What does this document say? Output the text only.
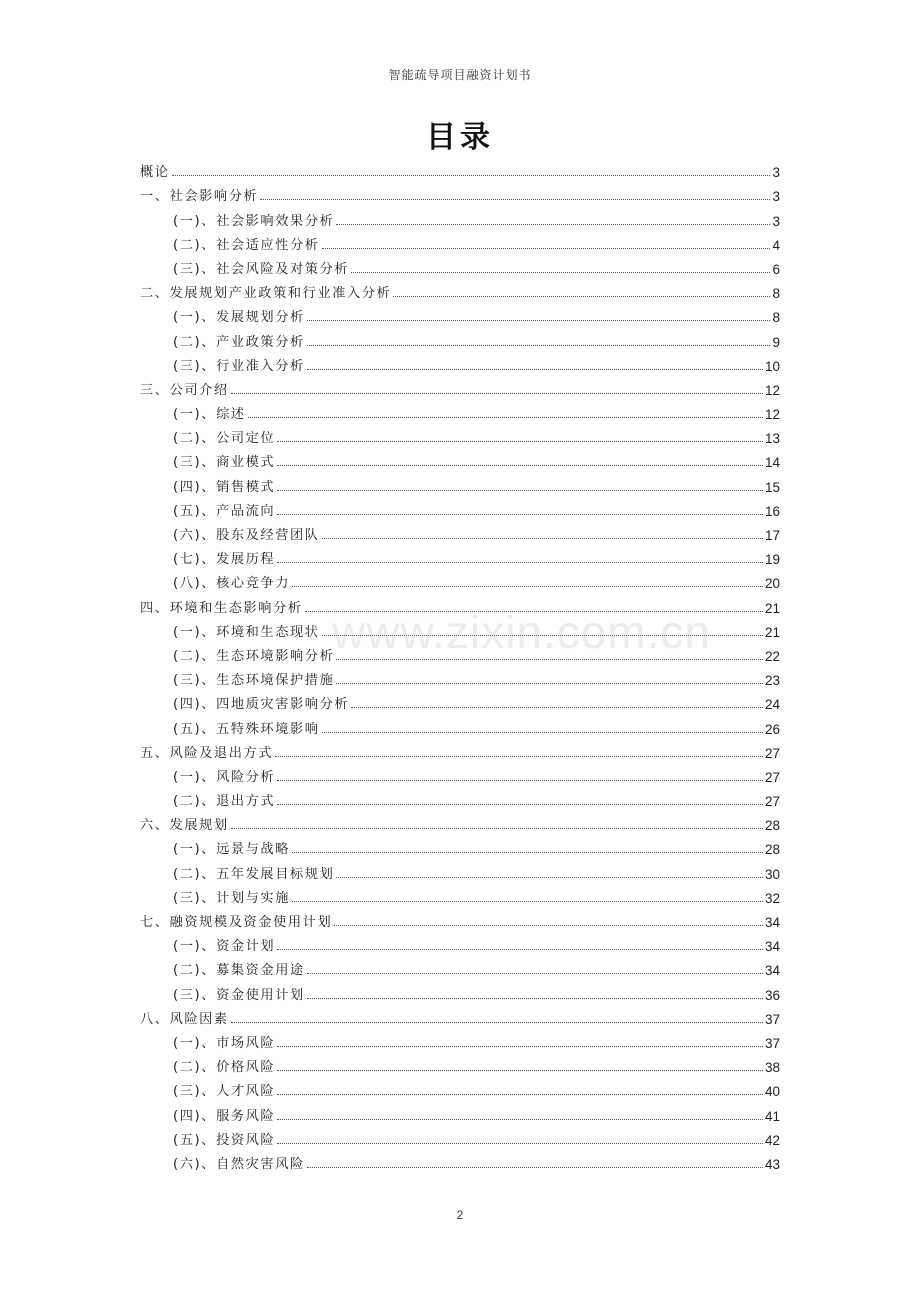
智能疏导项目融资计划书
目录
概论	3
一、社会影响分析	3
(一)、社会影响效果分析	3
(二)、社会适应性分析	4
(三)、社会风险及对策分析	6
二、发展规划产业政策和行业准入分析	8
(一)、发展规划分析	8
(二)、产业政策分析	9
(三)、行业准入分析	10
三、公司介绍	12
(一)、综述	12
(二)、公司定位	13
(三)、商业模式	14
(四)、销售模式	15
(五)、产品流向	16
(六)、股东及经营团队	17
(七)、发展历程	19
(八)、核心竞争力	20
四、环境和生态影响分析	21
(一)、环境和生态现状	21
(二)、生态环境影响分析	22
(三)、生态环境保护措施	23
(四)、四地质灾害影响分析	24
(五)、五特殊环境影响	26
五、风险及退出方式	27
(一)、风险分析	27
(二)、退出方式	27
六、发展规划	28
(一)、远景与战略	28
(二)、五年发展目标规划	30
(三)、计划与实施	32
七、融资规模及资金使用计划	34
(一)、资金计划	34
(二)、募集资金用途	34
(三)、资金使用计划	36
八、风险因素	37
(一)、市场风险	37
(二)、价格风险	38
(三)、人才风险	40
(四)、服务风险	41
(五)、投资风险	42
(六)、自然灾害风险	43
www.zixin.com.cn
2
